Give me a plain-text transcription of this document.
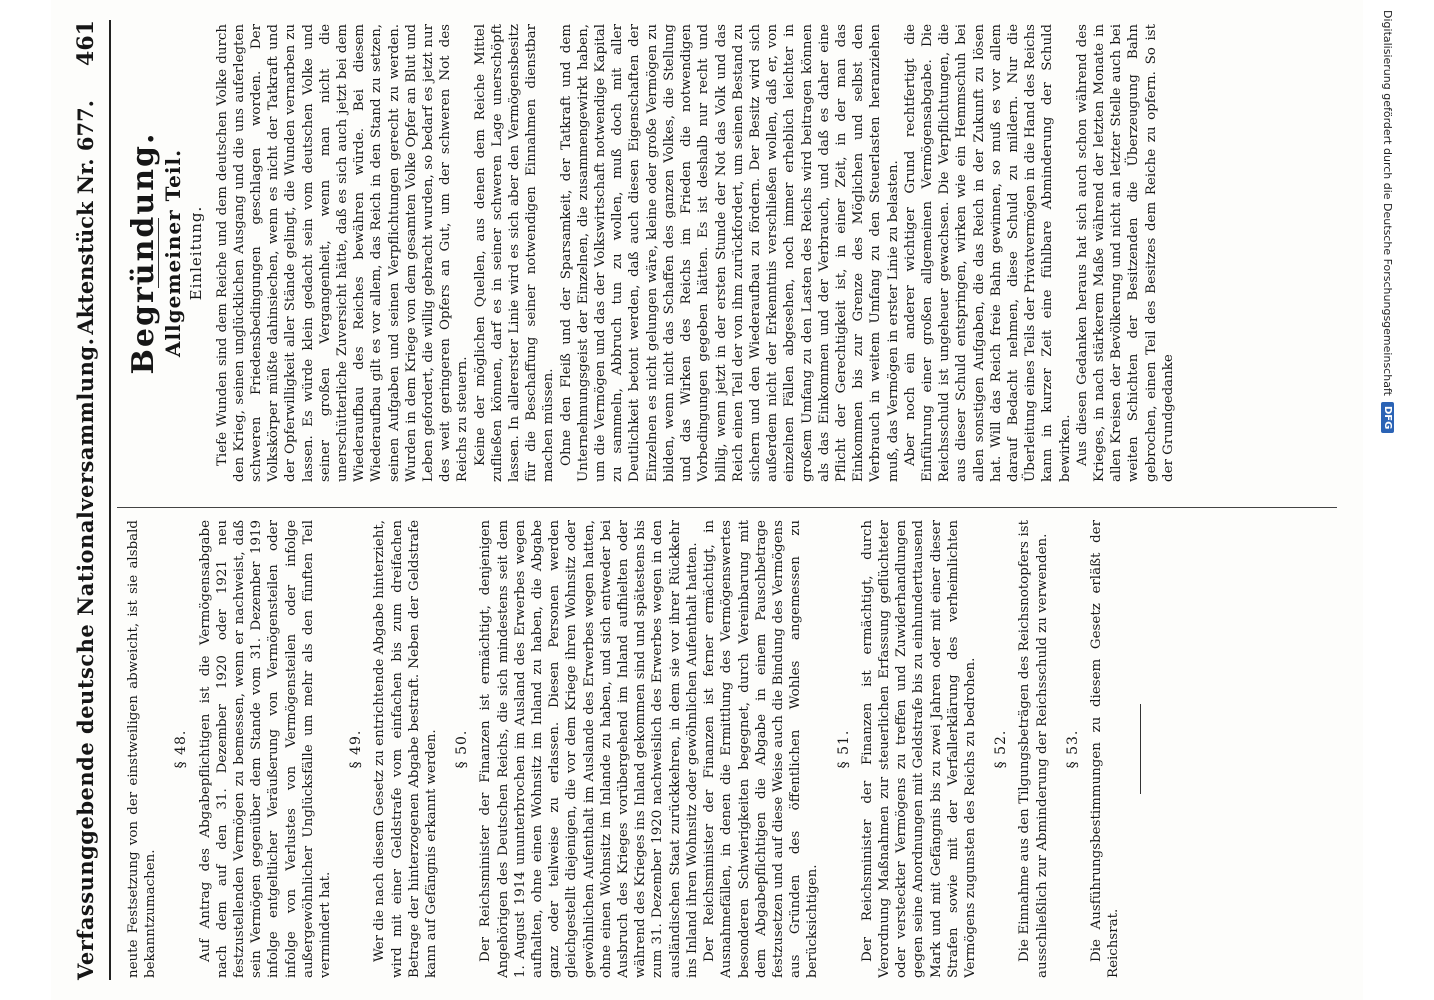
Verfassunggebende deutsche Nationalversammlung.
Aktenstück Nr. 677.
461

neute Festsetzung von der einstweiligen abweicht, ist sie alsbald bekanntzumachen.

§ 48. Auf Antrag des Abgabepflichtigen ist die Vermögensabgabe nach dem auf den 31. Dezember 1920 oder 1921 neu festzustellenden Vermögen zu bemessen, wenn er nachweist, daß sein Vermögen gegenüber dem Stande vom 31. Dezember 1919 infolge entgeltlicher Veräußerung von Vermögensteilen oder infolge von Verlustes von Vermögensteilen oder infolge außergewöhnlicher Unglücksfälle um mehr als den fünften Teil vermindert hat.

§ 49. Wer die nach diesem Gesetz zu entrichtende Abgabe hinterzieht, wird mit einer Geldstrafe vom einfachen bis zum dreifachen Betrage der hinterzogenen Abgabe bestraft. Neben der Geldstrafe kann auf Gefängnis erkannt werden. § 50. Der Reichsminister der Finanzen ist ermächtigt, denjenigen Angehörigen des Deutschen Reichs, die sich mindestens seit dem 1. August 1914 ununterbrochen im Ausland des Erwerbes wegen aufhalten, ohne einen Wohnsitz im Inland zu haben, die Abgabe ganz oder teilweise zu erlassen. Diesen Personen werden gleichgestellt diejenigen, die vor dem Kriege ihren Wohnsitz oder gewöhnlichen Aufenthalt im Auslande des Erwerbes wegen hatten, ohne einen Wohnsitz im Inlande zu haben, und sich entweder bei Ausbruch des Krieges vorübergehend im Inland aufhielten oder während des Krieges ins Inland gekommen sind und spätestens bis zum 31. Dezember 1920 nachweislich des Erwerbes wegen in den ausländischen Staat zurückkehren, in dem sie vor ihrer Rückkehr ins Inland ihren Wohnsitz oder gewöhnlichen Aufenthalt hatten. Der Reichsminister der Finanzen ist ferner ermächtigt, in Ausnahmefällen, in denen die Ermittlung des Vermögenswertes besonderen Schwierigkeiten begegnet, durch Vereinbarung mit dem Abgabepflichtigen die Abgabe in einem Pauschbetrage festzusetzen und auf diese Weise auch die Bindung des Vermögens aus Gründen des öffentlichen Wohles angemessen zu berücksichtigen.

§ 51. Der Reichsminister der Finanzen ist ermächtigt, durch Verordnung Maßnahmen zur steuerlichen Erfassung geflüchteter oder versteckter Vermögens zu treffen und Zuwiderhandlungen gegen seine Anordnungen mit Geldstrafe bis zu einhunderttausend Mark und mit Gefängnis bis zu zwei Jahren oder mit einer dieser Strafen sowie mit der Verfallerklärung des verheimlichten Vermögens zugunsten des Reichs zu bedrohen. § 52. Die Einnahme aus den Tilgungsbeträgen des Reichsnotopfers ist ausschließlich zur Abminderung der Reichsschuld zu verwenden. § 53. Die Ausführungsbestimmungen zu diesem Gesetz erläßt der Reichsrat.

Begründung. Allgemeiner Teil. Einleitung. Tiefe Wunden sind dem Reiche und dem deutschen Volke durch den Krieg, seinen unglücklichen Ausgang und die uns auferlegten schweren Friedensbedingungen geschlagen worden. Der Volkskörper müßte dahinsiechen, wenn es nicht der Tatkraft und der Opferwilligkeit aller Stände gelingt, die Wunden vernarben zu lassen. Es würde klein gedacht sein vom deutschen Volke und seiner großen Vergangenheit, wenn man nicht die unerschütterliche Zuversicht hätte, daß es sich auch jetzt bei dem Wiederaufbau des Reiches bewähren würde. Bei diesem Wiederaufbau gilt es vor allem, das Reich in den Stand zu setzen, seinen Aufgaben und seinen Verpflichtungen gerecht zu werden. Wurden in dem Kriege von dem gesamten Volke Opfer an Blut und Leben gefordert, die willig gebracht wurden, so bedarf es jetzt nur des weit geringeren Opfers an Gut, um der schweren Not des Reichs zu steuern. Keine der möglichen Quellen, aus denen dem Reiche Mittel zufließen können, darf es in seiner schweren Lage unerschöpft lassen. In allererster Linie wird es sich aber den Vermögensbesitz für die Beschaffung seiner notwendigen Einnahmen dienstbar machen müssen. Ohne den Fleiß und der Sparsamkeit, der Tatkraft und dem Unternehmungsgeist der Einzelnen, die zusammengewirkt haben, um die Vermögen und das der Volkswirtschaft notwendige Kapital zu sammeln, Abbruch tun zu wollen, muß doch mit aller Deutlichkeit betont werden, daß auch diesen Eigenschaften der Einzelnen es nicht gelungen wäre, kleine oder große Vermögen zu bilden, wenn nicht das Schaffen des ganzen Volkes, die Stellung und das Wirken des Reichs im Frieden die notwendigen Vorbedingungen gegeben hätten. Es ist deshalb nur recht und billig, wenn jetzt in der ersten Stunde der Not das Volk und das Reich einen Teil der von ihm zurückfordert, um seinen Bestand zu sichern und den Wiederaufbau zu fördern. Der Besitz wird sich außerdem nicht der Erkenntnis verschließen wollen, daß er, von einzelnen Fällen abgesehen, noch immer erheblich leichter in großem Umfang zu den Lasten des Reichs wird beitragen können als das Einkommen und der Verbrauch, und daß es daher eine Pflicht der Gerechtigkeit ist, in einer Zeit, in der man das Einkommen bis zur Grenze des Möglichen und selbst den Verbrauch in weitem Umfang zu den Steuerlasten heranziehen muß, das Vermögen in erster Linie zu belasten. Aber noch ein anderer wichtiger Grund rechtfertigt die Einführung einer großen allgemeinen Vermögensabgabe. Die Reichsschuld ist ungeheuer gewachsen. Die Verpflichtungen, die aus dieser Schuld entspringen, wirken wie ein Hemmschuh bei allen sonstigen Aufgaben, die das Reich in der Zukunft zu lösen hat. Will das Reich freie Bahn gewinnen, so muß es vor allem darauf Bedacht nehmen, diese Schuld zu mildern. Nur die Überleitung eines Teils der Privatvermögen in die Hand des Reichs kann in kurzer Zeit eine fühlbare Abminderung der Schuld bewirken. Aus diesen Gedanken heraus hat sich auch schon während des Krieges, in nach stärkerem Maße während der letzten Monate in allen Kreisen der Bevölkerung und nicht an letzter Stelle auch bei weiten Schichten der Besitzenden die Überzeugung Bahn gebrochen, einen Teil des Besitzes dem Reiche zu opfern. So ist der Grundgedanke

Digitalisierung gefördert durch die Deutsche Forschungsgemeinschaft
DFG
